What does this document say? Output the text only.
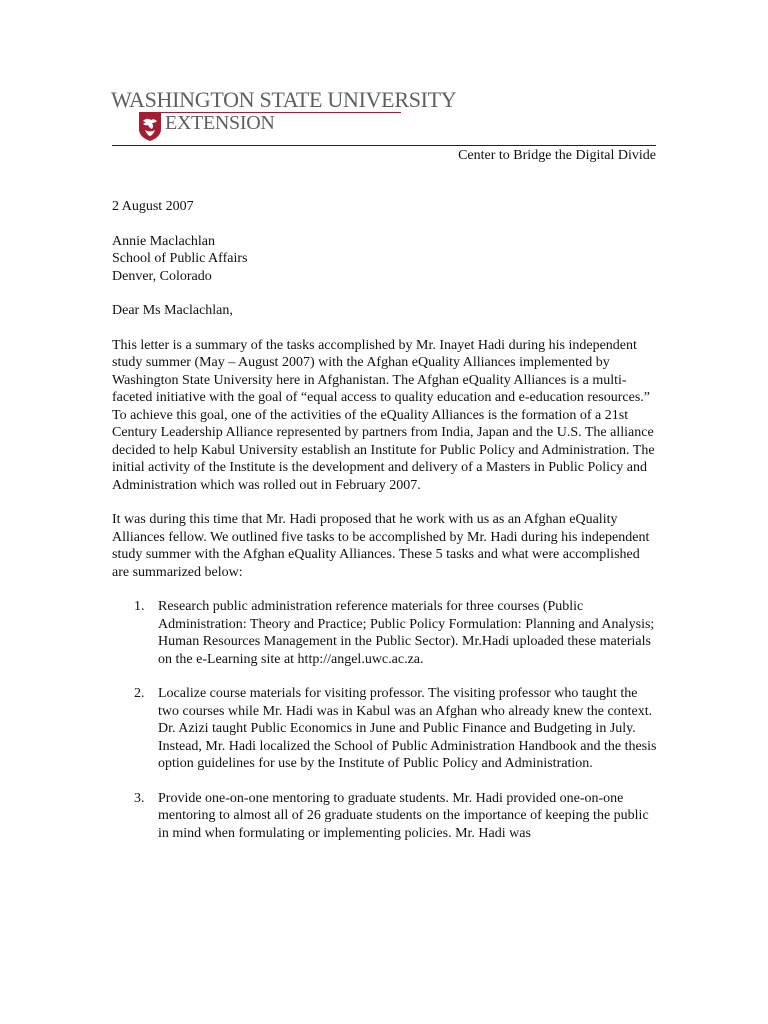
WASHINGTON STATE UNIVERSITY
EXTENSION
Center to Bridge the Digital Divide

2 August 2007

Annie Maclachlan
School of Public Affairs
Denver, Colorado

Dear Ms Maclachlan,

This letter is a summary of the tasks accomplished by Mr. Inayet Hadi during his independent study summer (May – August 2007) with the Afghan eQuality Alliances implemented by Washington State University here in Afghanistan. The Afghan eQuality Alliances is a multi-faceted initiative with the goal of “equal access to quality education and e-education resources.” To achieve this goal, one of the activities of the eQuality Alliances is the formation of a 21st Century Leadership Alliance represented by partners from India, Japan and the U.S. The alliance decided to help Kabul University establish an Institute for Public Policy and Administration. The initial activity of the Institute is the development and delivery of a Masters in Public Policy and Administration which was rolled out in February 2007.

It was during this time that Mr. Hadi proposed that he work with us as an Afghan eQuality Alliances fellow. We outlined five tasks to be accomplished by Mr. Hadi during his independent study summer with the Afghan eQuality Alliances. These 5 tasks and what were accomplished are summarized below:

1. Research public administration reference materials for three courses (Public Administration: Theory and Practice; Public Policy Formulation: Planning and Analysis; Human Resources Management in the Public Sector). Mr.Hadi uploaded these materials on the e-Learning site at http://angel.uwc.ac.za.
2. Localize course materials for visiting professor. The visiting professor who taught the two courses while Mr. Hadi was in Kabul was an Afghan who already knew the context. Dr. Azizi taught Public Economics in June and Public Finance and Budgeting in July. Instead, Mr. Hadi localized the School of Public Administration Handbook and the thesis option guidelines for use by the Institute of Public Policy and Administration.
3. Provide one-on-one mentoring to graduate students. Mr. Hadi provided one-on-one mentoring to almost all of 26 graduate students on the importance of keeping the public in mind when formulating or implementing policies. Mr. Hadi was
